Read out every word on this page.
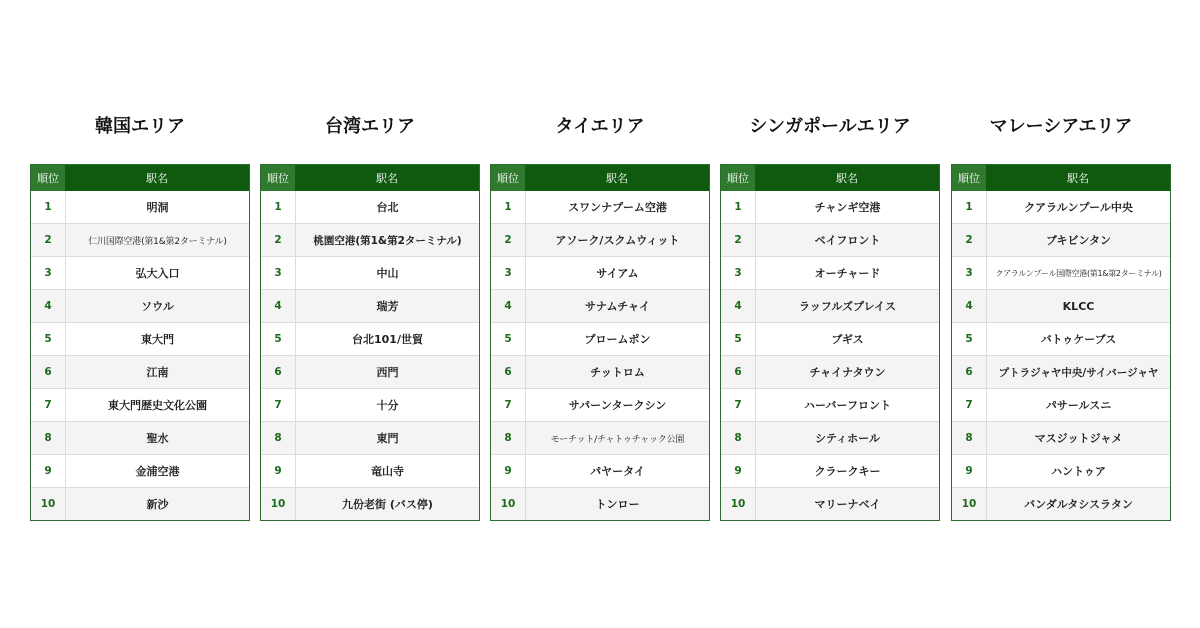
韓国エリア
順位	駅名
1	明洞
2	仁川国際空港(第1&第2ターミナル)
3	弘大入口
4	ソウル
5	東大門
6	江南
7	東大門歴史文化公園
8	聖水
9	金浦空港
10	新沙
台湾エリア
順位	駅名
1	台北
2	桃園空港(第1&第2ターミナル)
3	中山
4	瑞芳
5	台北101/世貿
6	西門
7	十分
8	東門
9	竜山寺
10	九份老街 (バス停)
タイエリア
順位	駅名
1	スワンナプーム空港
2	アソーク/スクムウィット
3	サイアム
4	サナムチャイ
5	プロームポン
6	チットロム
7	サパーンタークシン
8	モーチット/チャトゥチャック公園
9	パヤータイ
10	トンロー
シンガポールエリア
順位	駅名
1	チャンギ空港
2	ベイフロント
3	オーチャード
4	ラッフルズプレイス
5	ブギス
6	チャイナタウン
7	ハーバーフロント
8	シティホール
9	クラークキー
10	マリーナベイ
マレーシアエリア
順位	駅名
1	クアラルンプール中央
2	ブキビンタン
3	クアラルンプール国際空港(第1&第2ターミナル)
4	KLCC
5	バトゥケーブス
6	プトラジャヤ中央/サイバージャヤ
7	パサールスニ
8	マスジットジャメ
9	ハントゥア
10	バンダルタシスラタン
